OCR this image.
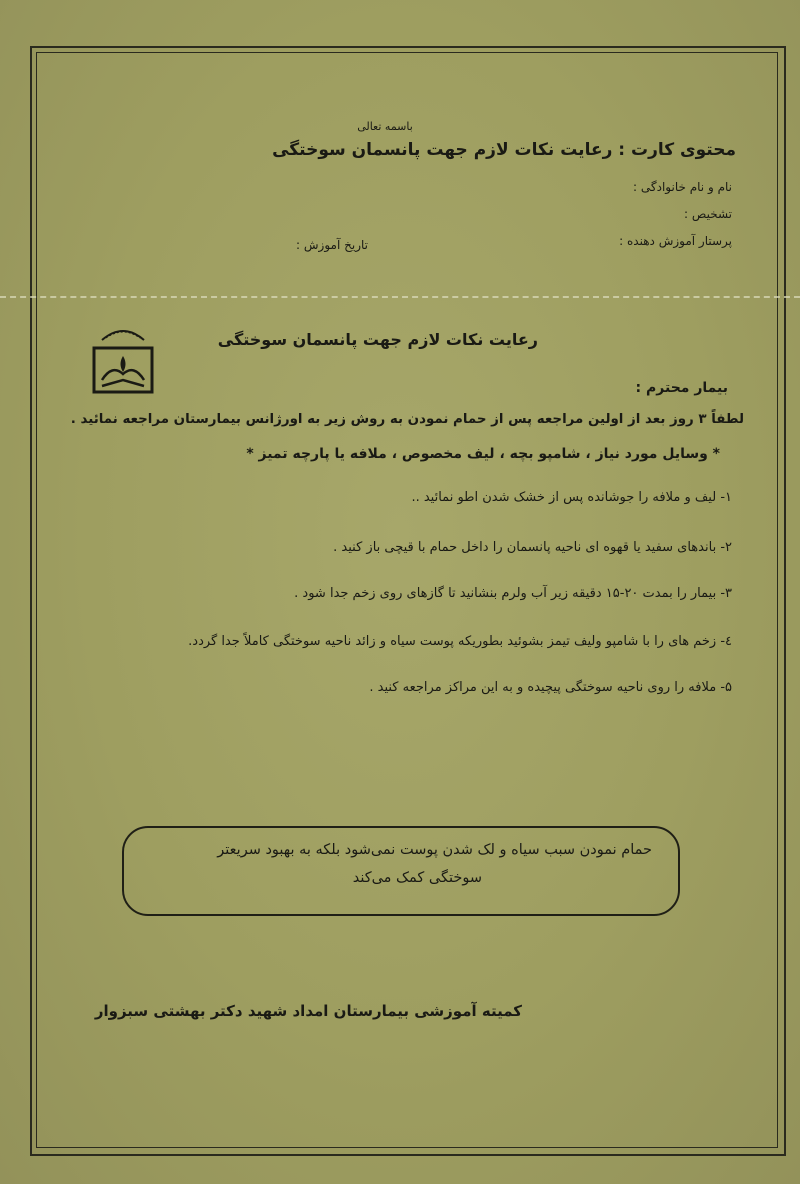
باسمه تعالی
محتوی کارت : رعایت نکات لازم جهت پانسمان سوختگی
نام و نام خانوادگی :
تشخیص :
پرستار آموزش دهنده :
تاریخ آموزش :
رعایت نکات لازم جهت پانسمان سوختگی
بیمار محترم :
لطفاً ۳ روز بعد از اولین مراجعه پس از حمام نمودن به روش زیر به اورژانس بیمارستان مراجعه نمائید .
* وسایل مورد نیاز ، شامپو بچه ، لیف مخصوص ، ملافه یا پارچه تمیز *
۱- لیف و ملافه را جوشانده پس از خشک شدن اطو نمائید ..
۲- باندهای سفید یا قهوه ای ناحیه پانسمان را داخل حمام با قیچی باز کنید .
۳- بیمار را بمدت ۲۰-۱۵ دقیقه زیر آب ولرم بنشانید تا گازهای روی زخم جدا شود .
٤- زخم های را با شامپو ولیف تیمز بشوئید بطوریکه پوست سیاه و زائد ناحیه سوختگی کاملاً جدا گردد.
۵- ملافه را روی ناحیه سوختگی پیچیده و به این مراکز مراجعه کنید .
حمام نمودن سبب سیاه و لک شدن پوست نمی‌شود بلکه به بهبود سریعتر
سوختگی کمک می‌کند
کمیته آموزشی بیمارستان امداد شهید دکتر بهشتی سبزوار
